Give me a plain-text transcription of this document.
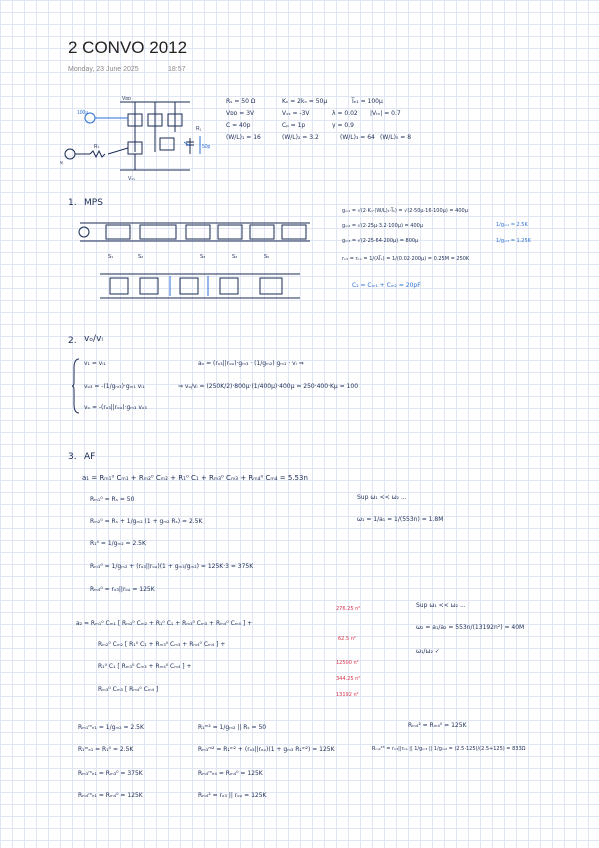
2 CONVO 2012
Monday, 23 June 2025	18:57
Vᴅᴅ
Vₛₛ
vᵢ
Rₛ
R₁
50p
100μ
Rₛ = 50 Ω	Kₙ = 2kₙ = 50μ	I̅ₑ₁ = 100μ
Vᴅᴅ = 3V	Vₛₛ = -3V	λ = 0.02 |Vₜₙ| = 0.7
C = 40p	Cₚ = 1p	γ = 0.9
(W/L)₁ = 16	(W/L)₂ = 3.2	(W/L)₃ = 64 (W/L)₅ = 8
1. MPS
S₁	S₂	S₃	S₄	S₅
gₘ₁ = √(2·Kₙ·(W/L)₁·I̅₁) = √(2·50μ·16·100μ) = 400μ
gₘ₂ = √(2·25μ·3.2·100μ) = 400μ
gₘ₃ = √(2·25·64·200μ) = 800μ
1/gₘ₁ = 2.5K
1/gₘ₃ = 1.25K
rₒ₃ = rₒₓ = 1/(λI̅ₓ) = 1/(0.02·200μ) = 0.25M = 250K
C₂ = Cₘ₁ + Cₘ₂ = 20pF
2. vₒ/vᵢ
v₁ = vᵢ₁
vₒ₃ = -(1/gₘ₃)·gₘ₁ vᵢ₁
vₒ = -(rₒ₃||rₒₔ)·gₘ₃ vₒ₃
aₒ = (rₒ₃||rₒₔ)·gₘ₃ · (1/gₘ₂) gₘ₁ · vᵢ ⇒
⇒ vₒ/vᵢ = (250K/2)·800μ·(1/400μ)·400μ = 250·400·Kμ = 100
3. AF
a₁ = Rₘ₁⁰ Cₘ₁ + Rₘ₂⁰ Cₘ₂ + R₁⁰ C₁ + Rₘ₃⁰ Cₘ₃ + Rₘ₄⁰ Cₘ₄ = 5.53n
Rₘ₁⁰ = Rₛ = 50
Rₘ₂⁰ = Rₛ + 1/gₘ₂ (1 + gₘ₂ Rₛ) = 2.5K
R₁⁰ = 1/gₘ₂ = 2.5K
Rₘ₃⁰ = 1/gₘ₂ + (rₒ₃||rₒₔ)(1 + gₘ₃/gₘ₂) = 125K·3 = 375K
Rₘ₄⁰ = rₒ₃||rₒₔ = 125K
Sup ω₁ << ω₂ ...
ω₁ = 1/a₁ = 1/(553n) = 1.8M
a₂ = Rₘ₁⁰ Cₘ₁ [ Rₘ₂⁰ Cₘ₂ + R₁⁰ C₁ + Rₘ₃⁰ Cₘ₃ + Rₘ₄⁰ Cₘ₄ ] +
Rₘ₂⁰ Cₘ₂ [ R₁⁰ C₁ + Rₘ₃⁰ Cₘ₃ + Rₘ₄⁰ Cₘ₄ ] +
R₁⁰ C₁ [ Rₘ₃⁰ Cₘ₃ + Rₘ₄⁰ Cₘ₄ ] +
Rₘ₃⁰ Cₘ₃ [ Rₘ₄⁰ Cₘ₄ ]
276.25 n²
62.5 n²
12500 n²
344.25 n²
13192 n²
Sup ω₁ << ω₂ ...
ω₂ = a₁/a₂ = 553n/(13192n²) = 40M
ω₁/ω₂ ✓
Rₘ₁ᵐₑ₁ = 1/gₘ₂ = 2.5K
R₁ᵐₑ₁ = R₁⁰ = 2.5K
Rₘ₃ᵐₑ₁ = Rₘ₃⁰ = 375K
Rₘ₄ᵐₑ₁ = Rₘ₄⁰ = 125K
R₁ᵐ² = 1/gₘ₂ || Rₛ = 50
Rₘ₃ᵐ² = R₁ᵐ² + (rₒ₃||rₒₔ)(1 + gₘ₃ R₁ᵐ²) = 125K
Rₘ₄ᵐₑ₄ = Rₘ₄⁰ = 125K
Rₘ₄² = rₒ₃ || rₒₔ = 125K
Rₘ₄² = Rₘ₄⁰ = 125K
Rₘ₄²³ = rₒ₃||rₒₔ || 1/gₘ₃ || 1/gₘ₂ = (2.5·125)/(2.5+125) = 833Ω
